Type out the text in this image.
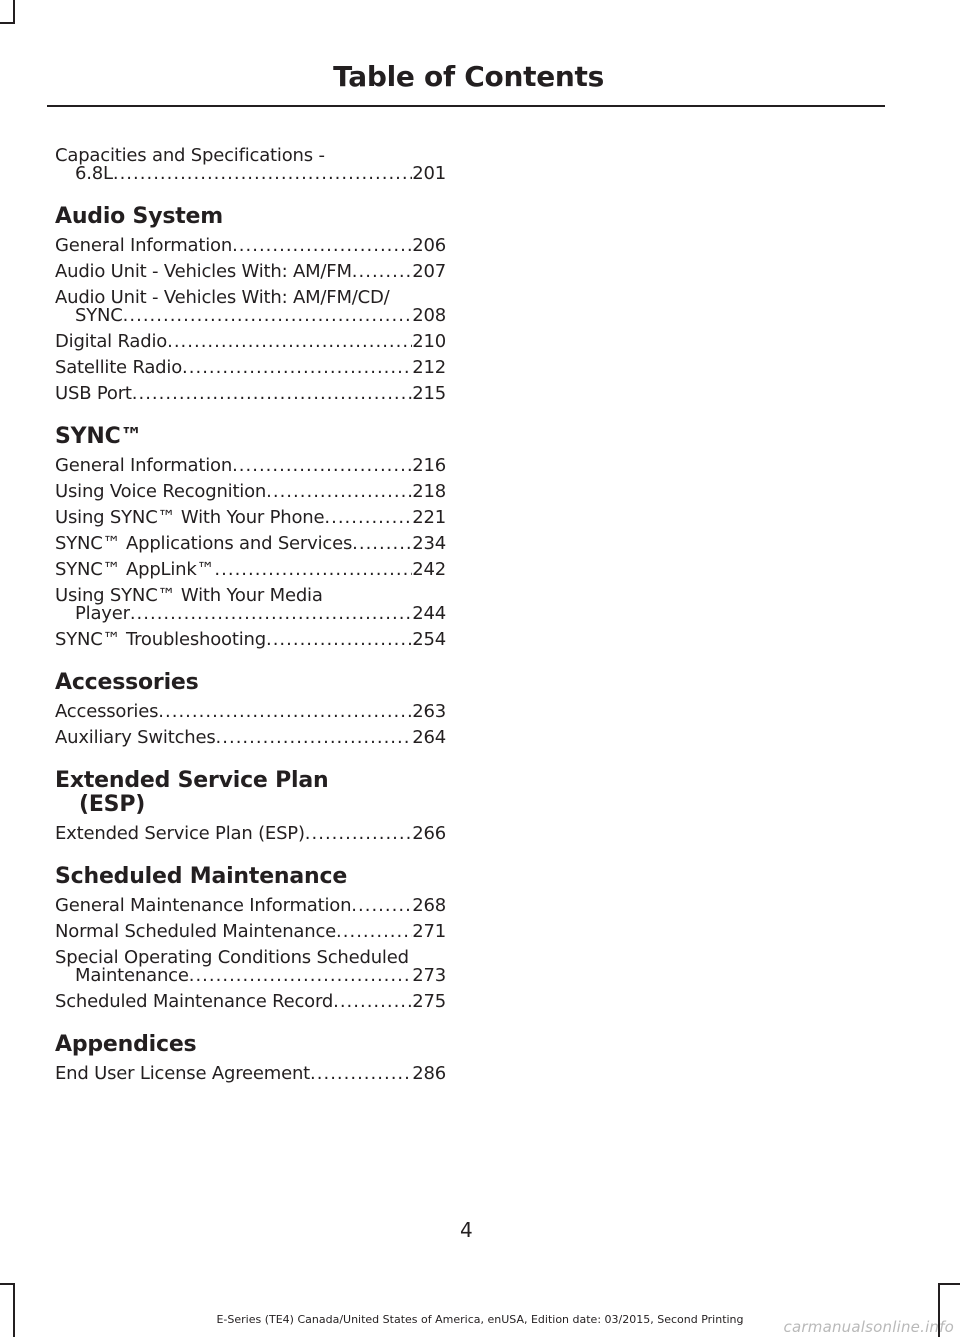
Table of Contents
Capacities and Specifications -
6.8L .....	201
Audio System
General Information .....	206
Audio Unit - Vehicles With: AM/FM .....	207
Audio Unit - Vehicles With: AM/FM/CD/
SYNC .....	208
Digital Radio .....	210
Satellite Radio .....	212
USB Port .....	215
SYNC™
General Information .....	216
Using Voice Recognition .....	218
Using SYNC™ With Your Phone .....	221
SYNC™ Applications and Services .....	234
SYNC™ AppLink™ .....	242
Using SYNC™ With Your Media
Player .....	244
SYNC™ Troubleshooting .....	254
Accessories
Accessories .....	263
Auxiliary Switches .....	264
Extended Service Plan
(ESP)
Extended Service Plan (ESP) .....	266
Scheduled Maintenance
General Maintenance Information .....	268
Normal Scheduled Maintenance .....	271
Special Operating Conditions Scheduled
Maintenance .....	273
Scheduled Maintenance Record .....	275
Appendices
End User License Agreement .....	286

4

E-Series (TE4) Canada/United States of America, enUSA, Edition date: 03/2015, Second Printing	carmanualsonline.info
